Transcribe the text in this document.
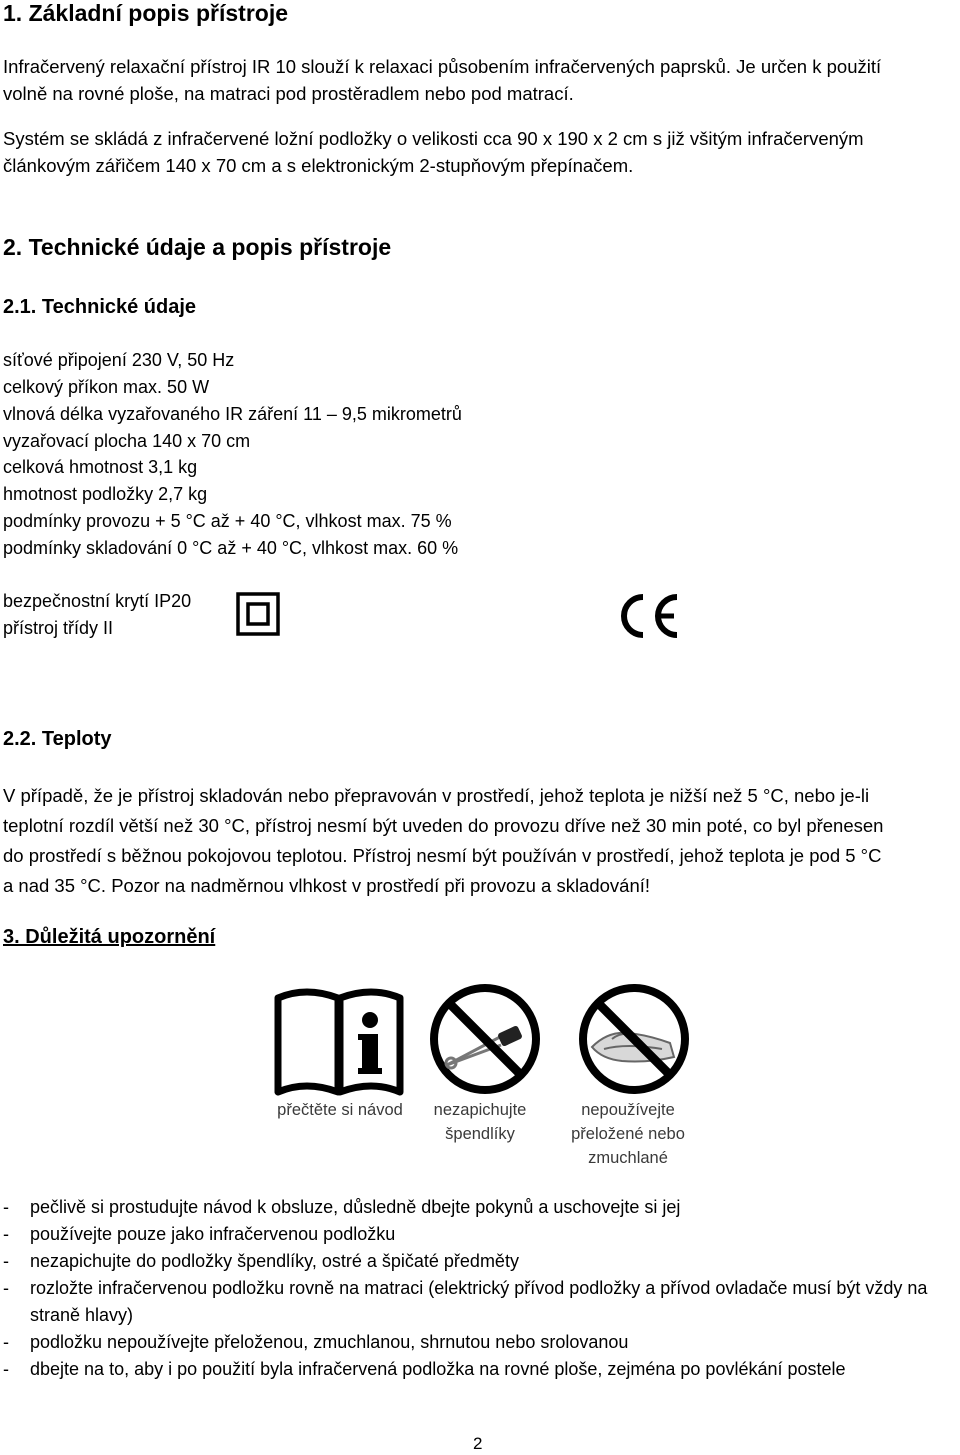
1. Základní popis přístroje
Infračervený relaxační přístroj IR 10 slouží k relaxaci působením infračervených paprsků. Je určen k použití
volně na rovné ploše, na matraci pod prostěradlem nebo pod matrací.
Systém se skládá z infračervené ložní podložky o velikosti cca 90 x 190 x 2 cm s již všitým infračerveným
článkovým zářičem 140 x 70 cm a s elektronickým 2-stupňovým přepínačem.
2. Technické údaje a popis přístroje
2.1. Technické údaje
síťové připojení 230 V, 50 Hz
celkový příkon max. 50 W
vlnová délka vyzařovaného IR záření 11 – 9,5 mikrometrů
vyzařovací plocha 140 x 70 cm
celková hmotnost 3,1 kg
hmotnost podložky 2,7 kg
podmínky provozu + 5 °C až + 40 °C, vlhkost max. 75 %
podmínky skladování 0 °C až + 40 °C, vlhkost max. 60 %
bezpečnostní krytí IP20
přístroj třídy II
2.2. Teploty
V případě, že je přístroj skladován nebo přepravován v prostředí, jehož teplota je nižší než 5 °C, nebo je-li
teplotní rozdíl větší než 30 °C, přístroj nesmí být uveden do provozu dříve než 30 min poté, co byl přenesen
do prostředí s běžnou pokojovou teplotou. Přístroj nesmí být používán v prostředí, jehož teplota je pod 5 °C
a nad 35 °C. Pozor na nadměrnou vlhkost v prostředí při provozu a skladování!
3. Důležitá upozornění
přečtěte si návod	nezapichujte špendlíky
nepoužívejte přeložené nebo zmuchlané
- pečlivě si prostudujte návod k obsluze, důsledně dbejte pokynů a uschovejte si jej
- používejte pouze jako infračervenou podložku
- nezapichujte do podložky špendlíky, ostré a špičaté předměty
- rozložte infračervenou podložku rovně na matraci (elektrický přívod podložky a přívod ovladače musí být vždy na straně hlavy)
- podložku nepoužívejte přeloženou, zmuchlanou, shrnutou nebo srolovanou
- dbejte na to, aby i po použití byla infračervená podložka na rovné ploše, zejména po povlékání postele
2
